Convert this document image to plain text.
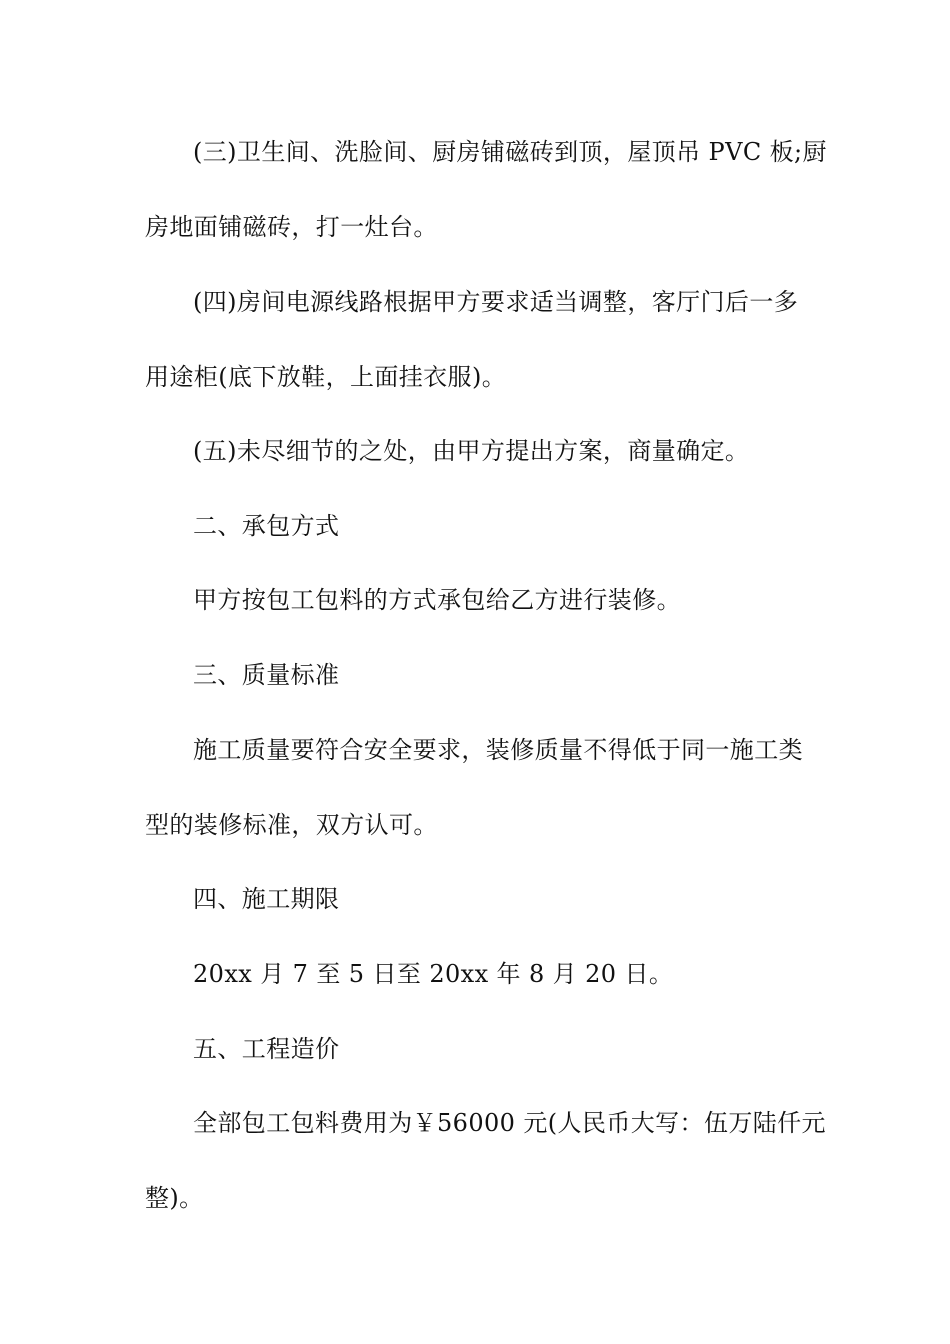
(三)卫生间、洗脸间、厨房铺磁砖到顶，屋顶吊 PVC 板;厨
房地面铺磁砖，打一灶台。
(四)房间电源线路根据甲方要求适当调整，客厅门后一多
用途柜(底下放鞋，上面挂衣服)。
(五)未尽细节的之处，由甲方提出方案，商量确定。
二、承包方式
甲方按包工包料的方式承包给乙方进行装修。
三、质量标准
施工质量要符合安全要求，装修质量不得低于同一施工类
型的装修标准，双方认可。
四、施工期限
20xx 月 7 至 5 日至 20xx 年 8 月 20 日。
五、工程造价
全部包工包料费用为￥56000 元(人民币大写：伍万陆仟元
整)。
